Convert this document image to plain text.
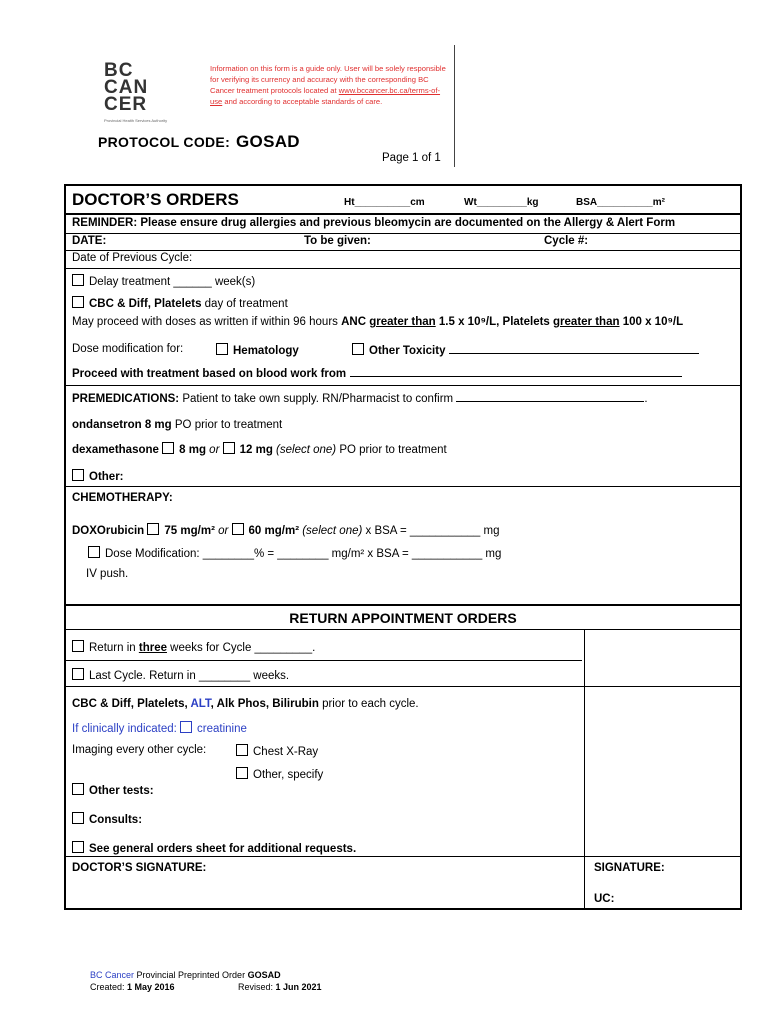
BC
CAN
CER
Provincial Health Services Authority
Information on this form is a guide only. User will be solely responsible for verifying its currency and accuracy with the corresponding BC Cancer treatment protocols located at www.bccancer.bc.ca/terms-of-use and according to acceptable standards of care.
PROTOCOL CODE: GOSAD
Page 1 of 1
DOCTOR’S ORDERS	Ht__________cm	Wt_________kg	BSA__________m²
REMINDER: Please ensure drug allergies and previous bleomycin are documented on the Allergy & Alert Form
DATE:	To be given:	Cycle #:
Date of Previous Cycle:
Delay treatment ______ week(s)
CBC & Diff, Platelets day of treatment
May proceed with doses as written if within 96 hours ANC greater than 1.5 x 10⁹/L, Platelets greater than 100 x 10⁹/L
Dose modification for:	Hematology	Other Toxicity
Proceed with treatment based on blood work from
PREMEDICATIONS: Patient to take own supply. RN/Pharmacist to confirm	.
ondansetron 8 mg PO prior to treatment
dexamethasone 8 mg or 12 mg (select one) PO prior to treatment
Other:
CHEMOTHERAPY:
DOXOrubicin 75 mg/m² or 60 mg/m² (select one) x BSA = ___________ mg
Dose Modification: ________% = ________ mg/m² x BSA = ___________ mg
IV push.
RETURN APPOINTMENT ORDERS
Return in three weeks for Cycle _________.
Last Cycle. Return in ________ weeks.
CBC & Diff, Platelets, ALT, Alk Phos, Bilirubin prior to each cycle.
If clinically indicated: creatinine
Imaging every other cycle:	Chest X-Ray
Other, specify
Other tests:
Consults:
See general orders sheet for additional requests.
DOCTOR’S SIGNATURE:	SIGNATURE:
UC:
BC Cancer Provincial Preprinted Order GOSAD
Created: 1 May 2016	Revised: 1 Jun 2021
